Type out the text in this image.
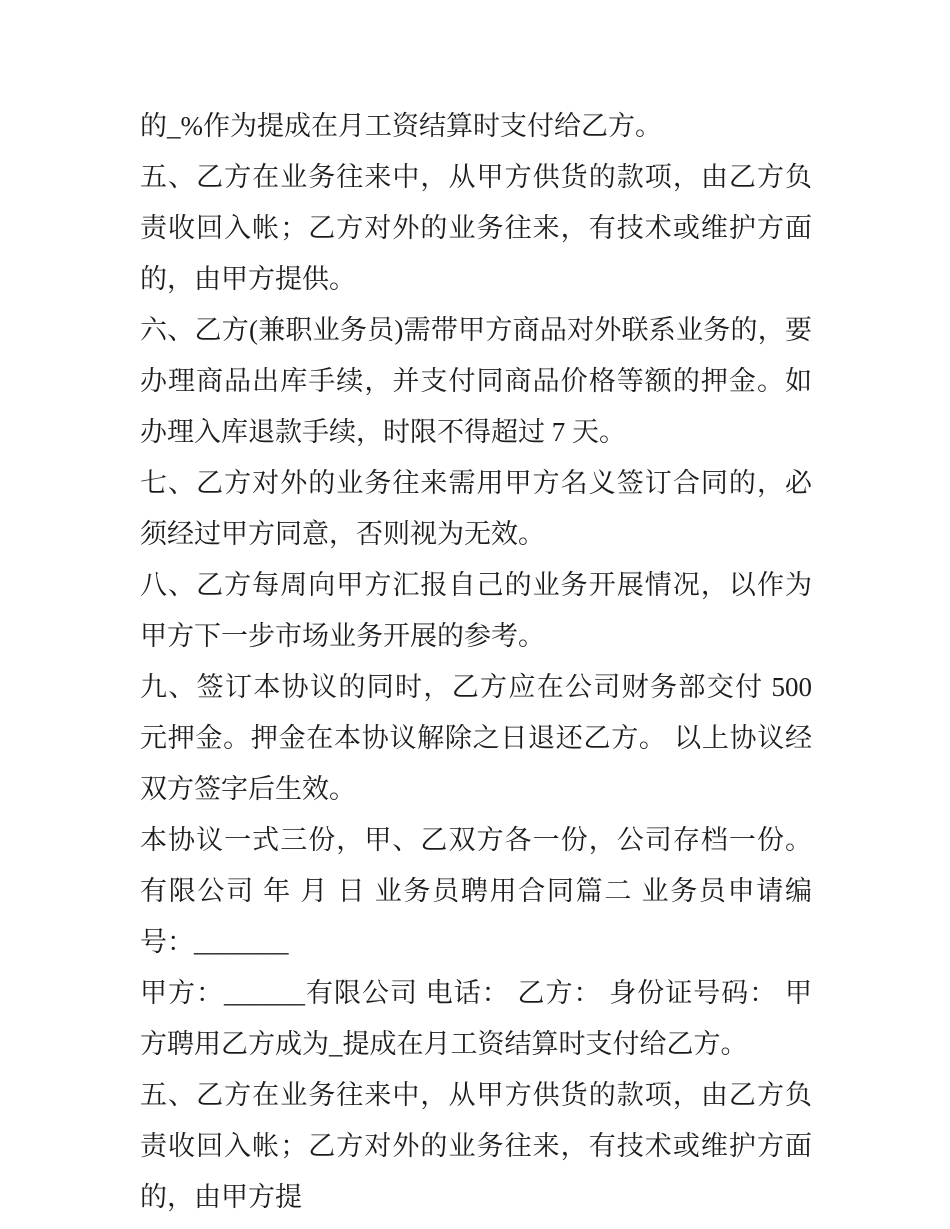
的_%作为提成在月工资结算时支付给乙方。

五、乙方在业务往来中，从甲方供货的款项，由乙方负责收回入帐；乙方对外的业务往来，有技术或维护方面的，由甲方提供。

六、乙方(兼职业务员)需带甲方商品对外联系业务的，要办理商品出库手续，并支付同商品价格等额的押金。如办理入库退款手续，时限不得超过 7 天。

七、乙方对外的业务往来需用甲方名义签订合同的，必须经过甲方同意，否则视为无效。

八、乙方每周向甲方汇报自己的业务开展情况，以作为甲方下一步市场业务开展的参考。

九、签订本协议的同时，乙方应在公司财务部交付 500 元押金。押金在本协议解除之日退还乙方。 以上协议经双方签字后生效。

本协议一式三份，甲、乙双方各一份，公司存档一份。 有限公司 年 月 日 业务员聘用合同篇二 业务员申请编号：_______

甲方：______有限公司 电话： 乙方： 身份证号码： 甲方聘用乙方成为_提成在月工资结算时支付给乙方。

五、乙方在业务往来中，从甲方供货的款项，由乙方负责收回入帐；乙方对外的业务往来，有技术或维护方面的，由甲方提
